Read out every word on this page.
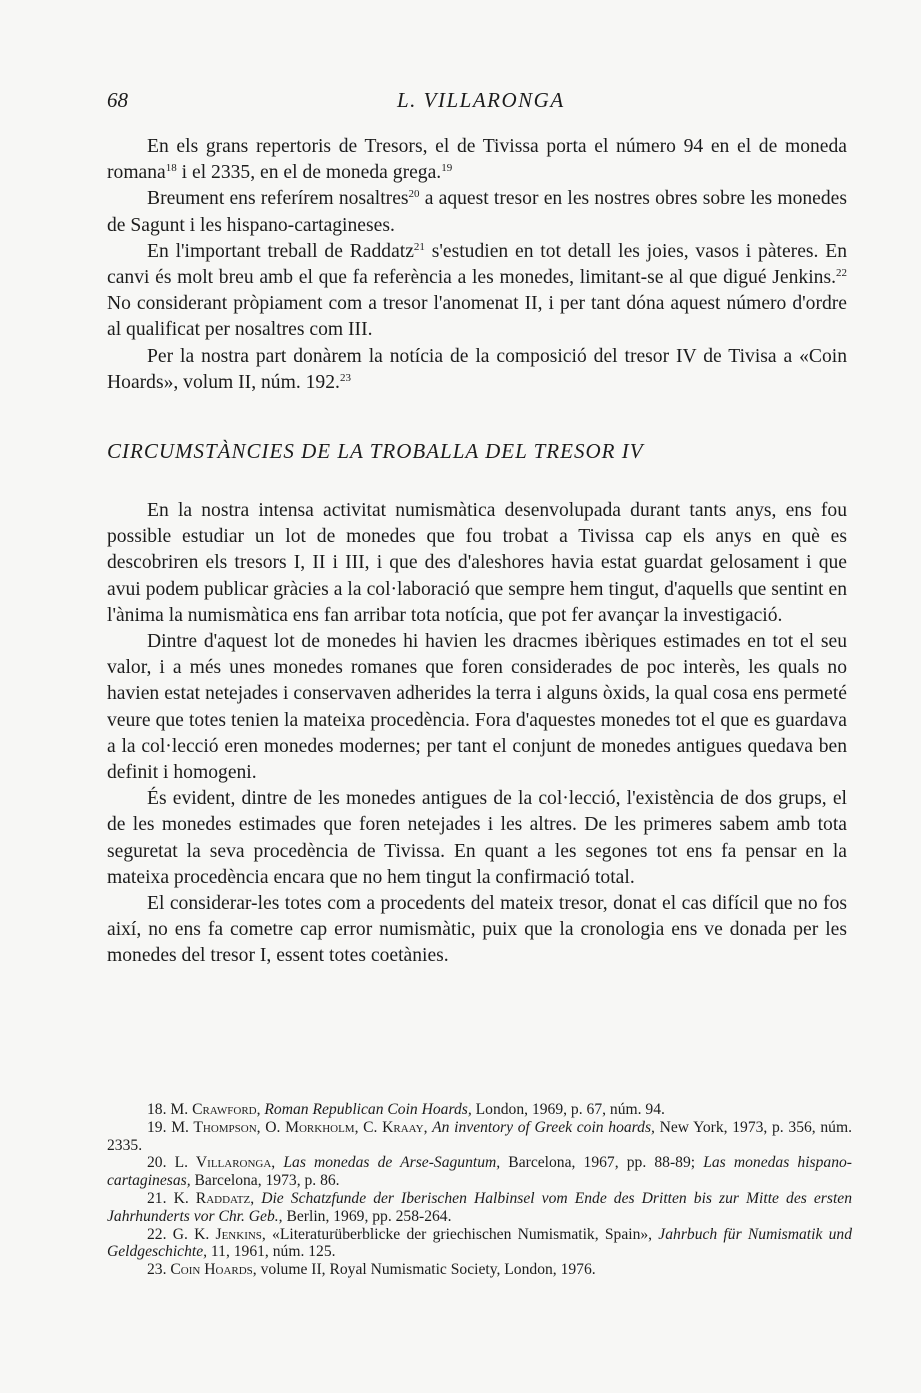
68	L. VILLARONGA

En els grans repertoris de Tresors, el de Tivissa porta el número 94 en el de moneda romana$^{18}$ i el 2335, en el de moneda grega.$^{19}$

Breument ens referírem nosaltres$^{20}$ a aquest tresor en les nostres obres sobre les monedes de Sagunt i les hispano-cartagineses.

En l'important treball de Raddatz$^{21}$ s'estudien en tot detall les joies, vasos i pàteres. En canvi és molt breu amb el que fa referència a les monedes, limitant-se al que digué Jenkins.$^{22}$ No considerant pròpiament com a tresor l'anomenat II, i per tant dóna aquest número d'ordre al qualificat per nosaltres com III.

Per la nostra part donàrem la notícia de la composició del tresor IV de Tivisa a «Coin Hoards», volum II, núm. 192.23

CIRCUMSTÀNCIES DE LA TROBALLA DEL TRESOR IV

En la nostra intensa activitat numismàtica desenvolupada durant tants anys, ens fou possible estudiar un lot de monedes que fou trobat a Tivissa cap els anys en què es descobriren els tresors I, II i III, i que des d'aleshores havia estat guardat gelosament i que avui podem publicar gràcies a la col·laboració que sempre hem tingut, d'aquells que sentint en l'ànima la numismàtica ens fan arribar tota notícia, que pot fer avançar la investigació.

Dintre d'aquest lot de monedes hi havien les dracmes ibèriques estimades en tot el seu valor, i a més unes monedes romanes que foren considerades de poc interès, les quals no havien estat netejades i conservaven adherides la terra i alguns òxids, la qual cosa ens permeté veure que totes tenien la mateixa procedència. Fora d'aquestes monedes tot el que es guardava a la col·lecció eren monedes modernes; per tant el conjunt de monedes antigues quedava ben definit i homogeni.

És evident, dintre de les monedes antigues de la col·lecció, l'existència de dos grups, el de les monedes estimades que foren netejades i les altres. De les primeres sabem amb tota seguretat la seva procedència de Tivissa. En quant a les segones tot ens fa pensar en la mateixa procedència encara que no hem tingut la confirmació total.

El considerar-les totes com a procedents del mateix tresor, donat el cas difícil que no fos així, no ens fa cometre cap error numismàtic, puix que la cronologia ens ve donada per les monedes del tresor I, essent totes coetànies.

18. M. Crawford, Roman Republican Coin Hoards, London, 1969, p. 67, núm. 94.

19. M. Thompson, O. Morkholm, C. Kraay, An inventory of Greek coin hoards, New York, 1973, p. 356, núm. 2335.

20. L. Villaronga, Las monedas de Arse-Saguntum, Barcelona, 1967, pp. 88-89; Las monedas hispano-cartaginesas, Barcelona, 1973, p. 86.

21. K. Raddatz, Die Schatzfunde der Iberischen Halbinsel vom Ende des Dritten bis zur Mitte des ersten Jahrhunderts vor Chr. Geb., Berlin, 1969, pp. 258-264.

22. G. K. Jenkins, «Literaturüberblicke der griechischen Numismatik, Spain», Jahrbuch für Numismatik und Geldgeschichte, 11, 1961, núm. 125.

23. Coin Hoards, volume II, Royal Numismatic Society, London, 1976.
